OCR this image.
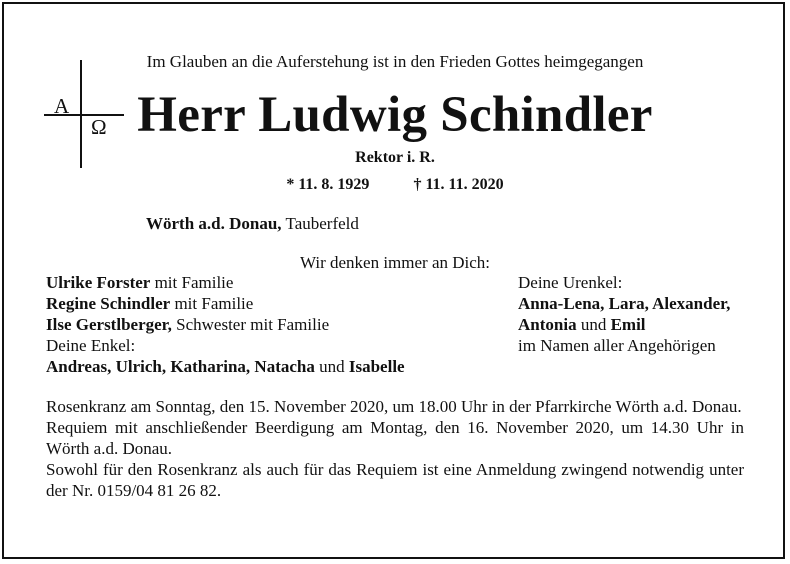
A
Ω
Im Glauben an die Auferstehung ist in den Frieden Gottes heimgegangen
Herr Ludwig Schindler
Rektor i. R.
* 11. 8. 1929	† 11. 11. 2020
Wörth a.d. Donau, Tauberfeld
Wir denken immer an Dich:
Ulrike Forster mit Familie
Regine Schindler mit Familie
Ilse Gerstlberger, Schwester mit Familie
Deine Enkel:
Andreas, Ulrich, Katharina, Natacha und Isabelle
Deine Urenkel:
Anna-Lena, Lara, Alexander,
Antonia und Emil
im Namen aller Angehörigen

Rosenkranz am Sonntag, den 15. November 2020, um 18.00 Uhr in der Pfarrkirche Wörth a.d. Donau.

Requiem mit anschließender Beerdigung am Montag, den 16. November 2020, um 14.30 Uhr in Wörth a.d. Donau.

Sowohl für den Rosenkranz als auch für das Requiem ist eine Anmeldung zwingend notwendig unter der Nr. 0159/04 81 26 82.
